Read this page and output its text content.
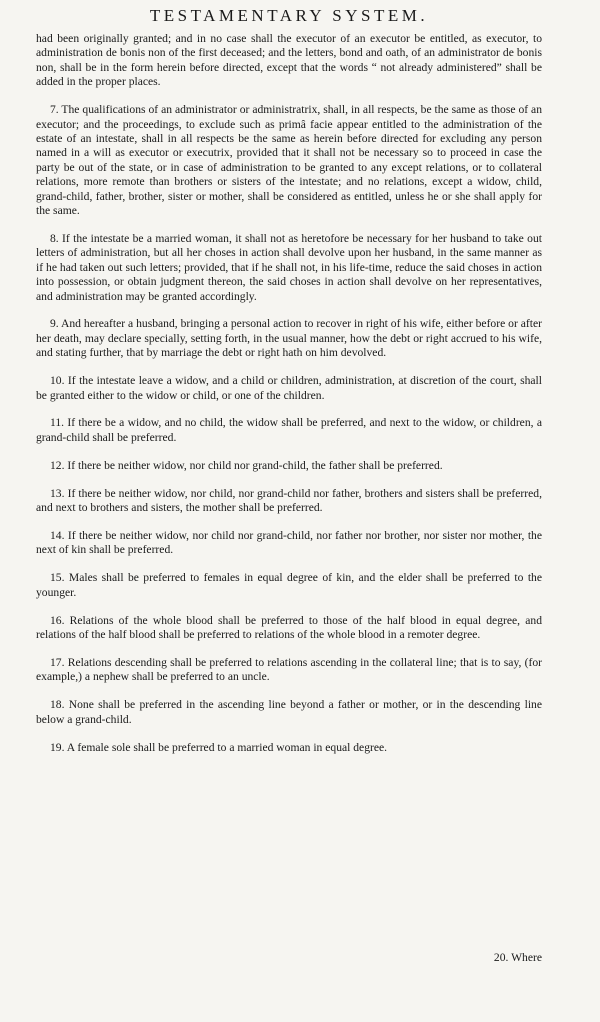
TESTAMENTARY SYSTEM.

had been originally granted; and in no case shall the executor of an executor be entitled, as executor, to administration de bonis non of the first deceased; and the letters, bond and oath, of an administrator de bonis non, shall be in the form herein before directed, except that the words “ not already administered” shall be added in the proper places.

7. The qualifications of an administrator or administratrix, shall, in all respects, be the same as those of an executor; and the proceedings, to exclude such as primâ facie appear entitled to the administration of the estate of an intestate, shall in all respects be the same as herein before directed for excluding any person named in a will as executor or executrix, provided that it shall not be necessary so to proceed in case the party be out of the state, or in case of administration to be granted to any except relations, or to collateral relations, more remote than brothers or sisters of the intestate; and no relations, except a widow, child, grand-child, father, brother, sister or mother, shall be considered as entitled, unless he or she shall apply for the same.

8. If the intestate be a married woman, it shall not as heretofore be necessary for her husband to take out letters of administration, but all her choses in action shall devolve upon her husband, in the same manner as if he had taken out such letters; provided, that if he shall not, in his life-time, reduce the said choses in action into possession, or obtain judgment thereon, the said choses in action shall devolve on her representatives, and administration may be granted accordingly.

9. And hereafter a husband, bringing a personal action to recover in right of his wife, either before or after her death, may declare specially, setting forth, in the usual manner, how the debt or right accrued to his wife, and stating further, that by marriage the debt or right hath on him devolved.

10. If the intestate leave a widow, and a child or children, administration, at discretion of the court, shall be granted either to the widow or child, or one of the children.

11. If there be a widow, and no child, the widow shall be preferred, and next to the widow, or children, a grand-child shall be preferred.

12. If there be neither widow, nor child nor grand-child, the father shall be preferred.

13. If there be neither widow, nor child, nor grand-child nor father, brothers and sisters shall be preferred, and next to brothers and sisters, the mother shall be preferred.

14. If there be neither widow, nor child nor grand-child, nor father nor brother, nor sister nor mother, the next of kin shall be preferred.

15. Males shall be preferred to females in equal degree of kin, and the elder shall be preferred to the younger.

16. Relations of the whole blood shall be preferred to those of the half blood in equal degree, and relations of the half blood shall be preferred to relations of the whole blood in a remoter degree.

17. Relations descending shall be preferred to relations ascending in the collateral line; that is to say, (for example,) a nephew shall be preferred to an uncle.

18. None shall be preferred in the ascending line beyond a father or mother, or in the descending line below a grand-child.

19. A female sole shall be preferred to a married woman in equal degree.

20. Where
